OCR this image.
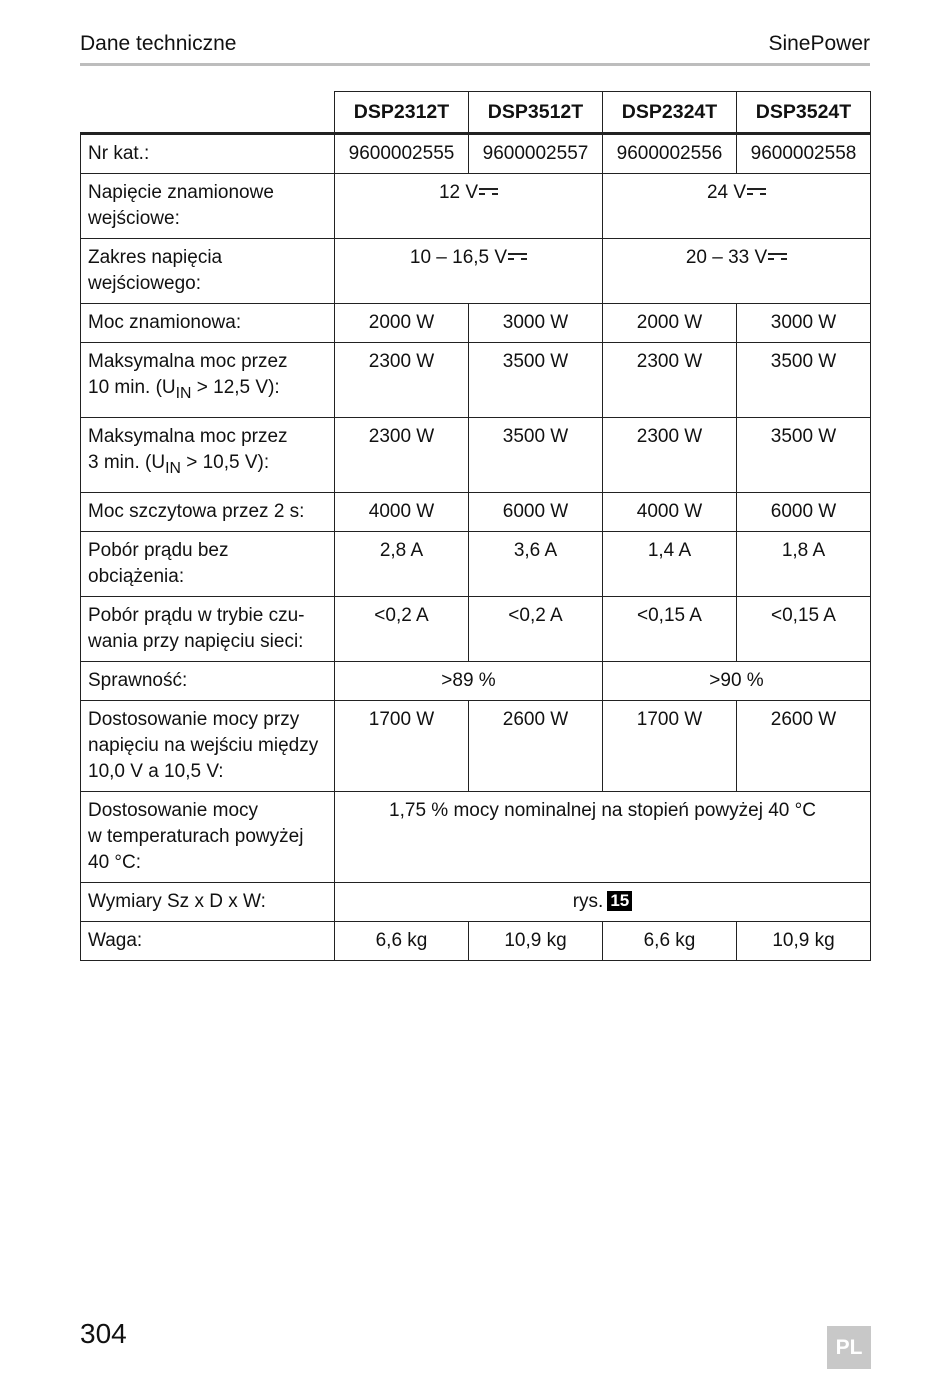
Dane techniczne	SinePower
	DSP2312T	DSP3512T	DSP2324T	DSP3524T
Nr kat.:	9600002555	9600002557	9600002556	9600002558
Napięcie znamionowe
wejściowe:	12 V		24 V	
Zakres napięcia
wejściowego:	10 – 16,5 V		20 – 33 V	
Moc znamionowa:	2000 W	3000 W	2000 W	3000 W
Maksymalna moc przez
10 min. ($U_{IN} > 12,5$ V):	2300 W	3500 W	2300 W	3500 W
Maksymalna moc przez
3 min. ($U_{IN} > 10,5$ V):	2300 W	3500 W	2300 W	3500 W
Moc szczytowa przez 2 s:	4000 W	6000 W	4000 W	6000 W
Pobór prądu bez
obciążenia:	2,8 A	3,6 A	1,4 A	1,8 A
Pobór prądu w trybie czu-
wania przy napięciu sieci:	<0,2 A	<0,2 A	<0,15 A	<0,15 A
Sprawność:	>89 %		>90 %	
Dostosowanie mocy przy
napięciu na wejściu między
10,0 V a 10,5 V:	1700 W	2600 W	1700 W	2600 W
Dostosowanie mocy
w temperaturach powyżej
40 °C:	1,75 % mocy nominalnej na stopień powyżej 40 °C			
Wymiary Sz x D x W:	rys. 15			
Waga:	6,6 kg	10,9 kg	6,6 kg	10,9 kg
304	PL
